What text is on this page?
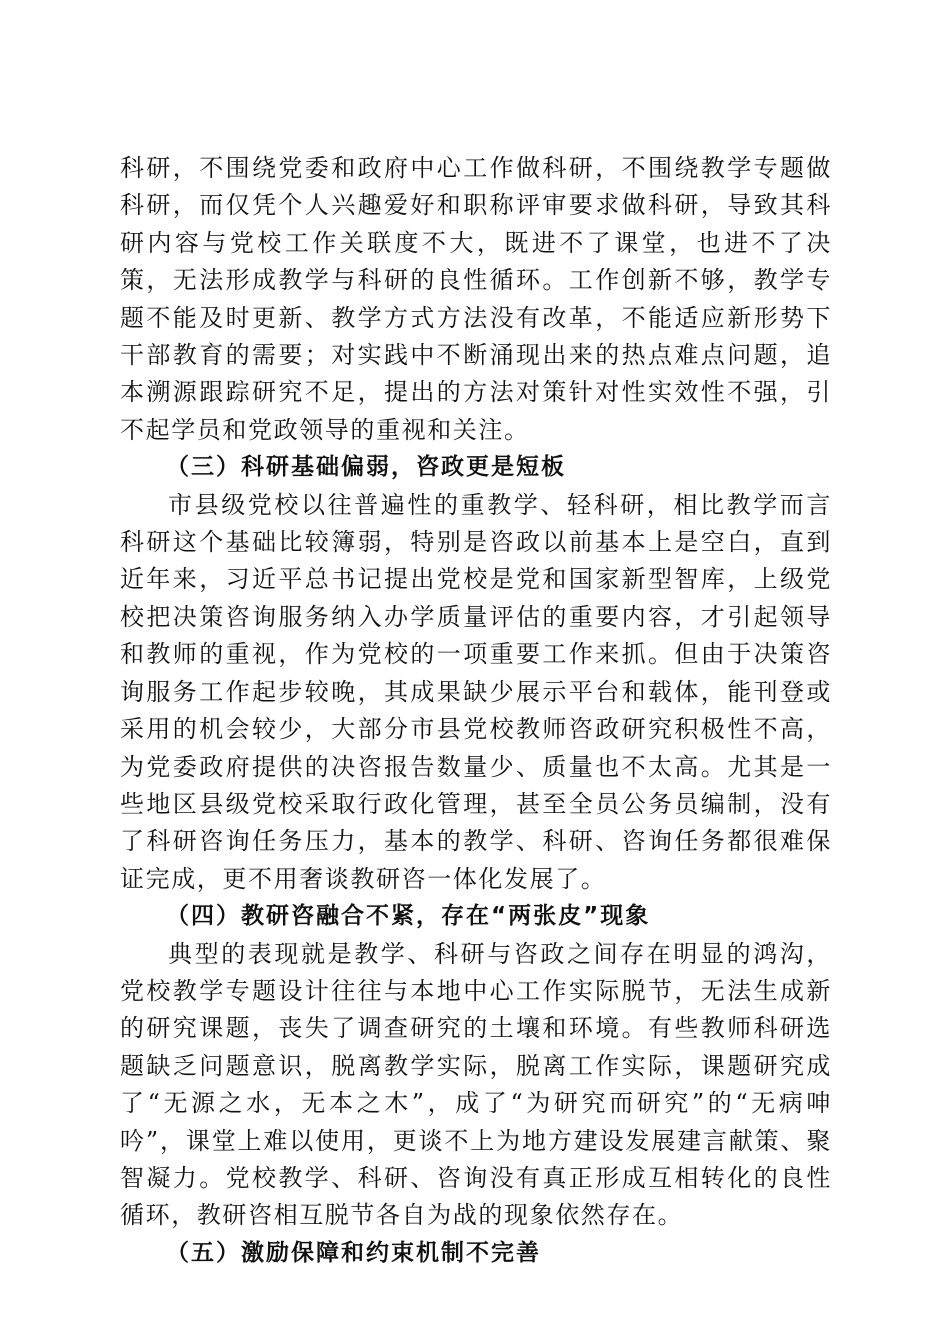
科研，不围绕党委和政府中心工作做科研，不围绕教学专题做科研，而仅凭个人兴趣爱好和职称评审要求做科研，导致其科研内容与党校工作关联度不大，既进不了课堂，也进不了决策，无法形成教学与科研的良性循环。工作创新不够，教学专题不能及时更新、教学方式方法没有改革，不能适应新形势下干部教育的需要；对实践中不断涌现出来的热点难点问题，追本溯源跟踪研究不足，提出的方法对策针对性实效性不强，引不起学员和党政领导的重视和关注。

（三）科研基础偏弱，咨政更是短板

市县级党校以往普遍性的重教学、轻科研，相比教学而言科研这个基础比较簿弱，特别是咨政以前基本上是空白，直到近年来，习近平总书记提出党校是党和国家新型智库，上级党校把决策咨询服务纳入办学质量评估的重要内容，才引起领导和教师的重视，作为党校的一项重要工作来抓。但由于决策咨询服务工作起步较晚，其成果缺少展示平台和载体，能刊登或采用的机会较少，大部分市县党校教师咨政研究积极性不高，为党委政府提供的决咨报告数量少、质量也不太高。尤其是一些地区县级党校采取行政化管理，甚至全员公务员编制，没有了科研咨询任务压力，基本的教学、科研、咨询任务都很难保证完成，更不用奢谈教研咨一体化发展了。

（四）教研咨融合不紧，存在“两张皮”现象

典型的表现就是教学、科研与咨政之间存在明显的鸿沟，党校教学专题设计往往与本地中心工作实际脱节，无法生成新的研究课题，丧失了调查研究的土壤和环境。有些教师科研选题缺乏问题意识，脱离教学实际，脱离工作实际，课题研究成了“无源之水，无本之木”，成了“为研究而研究”的“无病呻吟”，课堂上难以使用，更谈不上为地方建设发展建言献策、聚智凝力。党校教学、科研、咨询没有真正形成互相转化的良性循环，教研咨相互脱节各自为战的现象依然存在。

（五）激励保障和约束机制不完善
